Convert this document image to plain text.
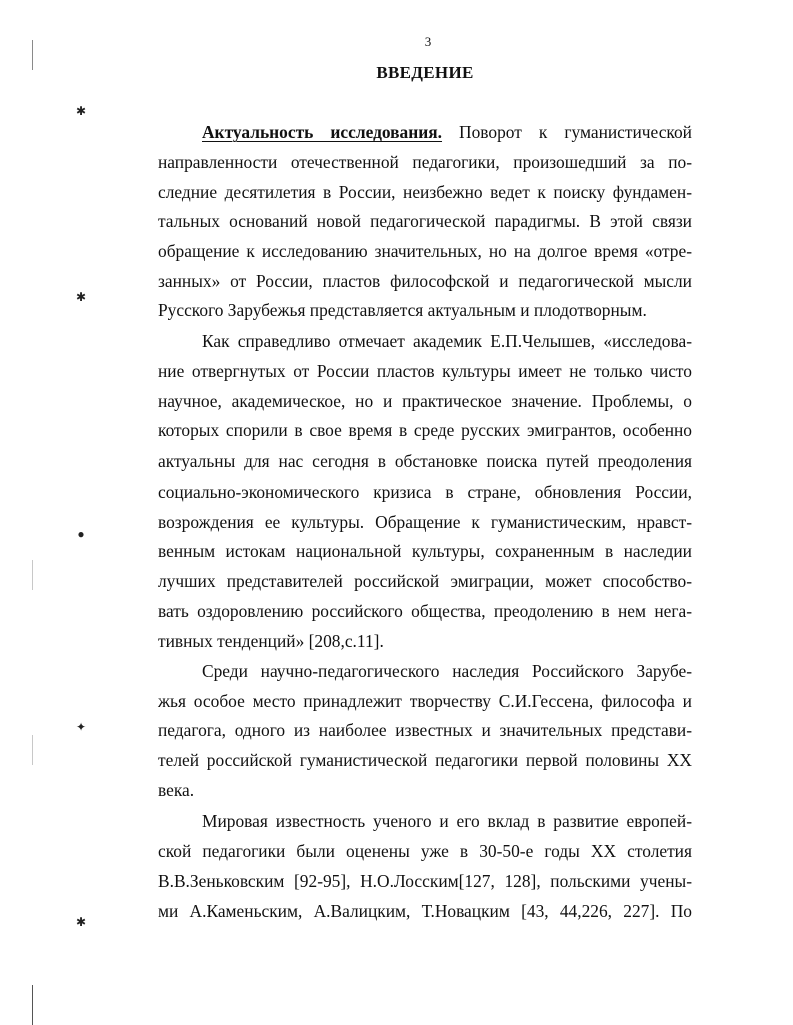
✱
✱
●
✦
✱
3
ВВЕДЕНИЕ
Актуальность исследования. Поворот к гуманистической
направленности отечественной педагогики, произошедший за по-
следние десятилетия в России, неизбежно ведет к поиску фундамен-
тальных оснований новой педагогической парадигмы. В этой связи
обращение к исследованию значительных, но на долгое время «отре-
занных» от России, пластов философской и педагогической мысли
Русского Зарубежья представляется актуальным и плодотворным.
Как справедливо отмечает академик Е.П.Челышев, «исследова-
ние отвергнутых от России пластов культуры имеет не только чисто
научное, академическое, но и практическое значение. Проблемы, о
которых спорили в свое время в среде русских эмигрантов, особенно
актуальны для нас сегодня в обстановке поиска путей преодоления
социально-экономического кризиса в стране, обновления России,
возрождения ее культуры. Обращение к гуманистическим, нравст-
венным истокам национальной культуры, сохраненным в наследии
лучших представителей российской эмиграции, может способство-
вать оздоровлению российского общества, преодолению в нем нега-
тивных тенденций» [208,с.11].
Среди научно-педагогического наследия Российского Зарубе-
жья особое место принадлежит творчеству С.И.Гессена, философа и
педагога, одного из наиболее известных и значительных представи-
телей российской гуманистической педагогики первой половины XX
века.
Мировая известность ученого и его вклад в развитие европей-
ской педагогики были оценены уже в 30-50-е годы XX столетия
В.В.Зеньковским [92-95], Н.О.Лосским[127, 128], польскими учены-
ми А.Каменьским, А.Валицким, Т.Новацким [43, 44,226, 227]. По
